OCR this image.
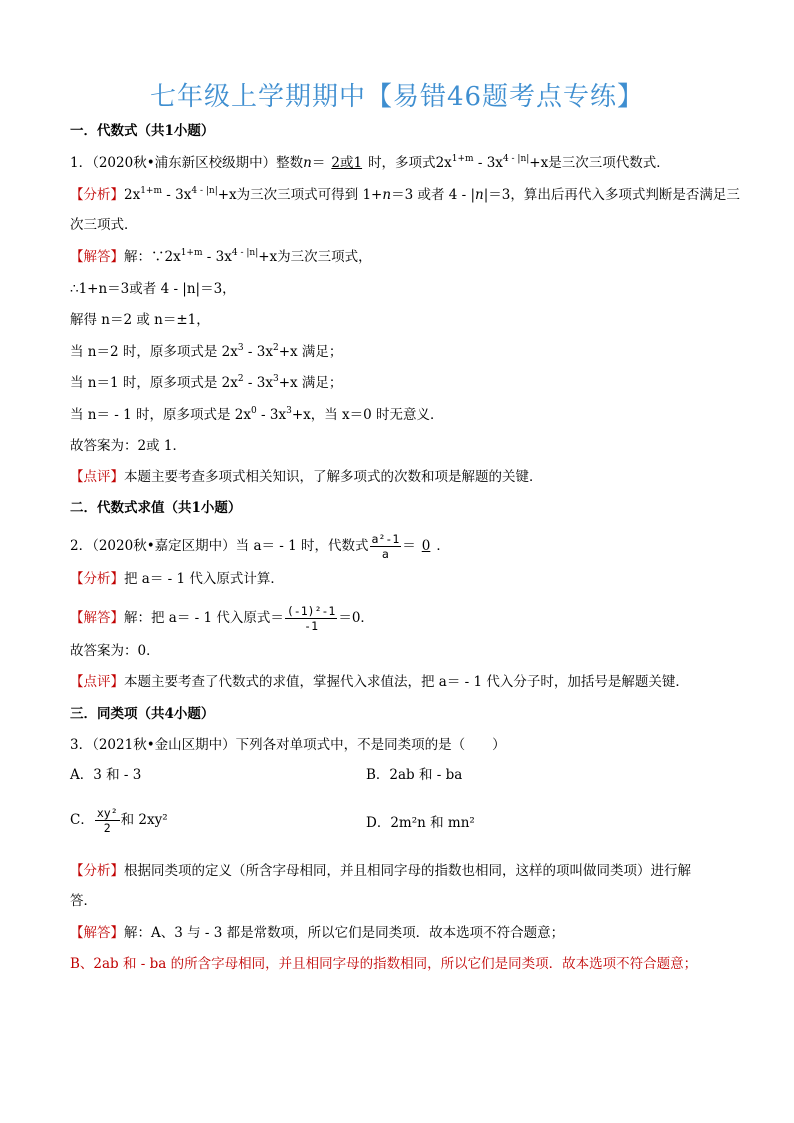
七年级上学期期中【易错46题考点专练】
一．代数式（共1小题）
1．（2020秋•浦东新区校级期中）整数n＝ 2或1 时，多项式$2x^{1+m} - 3x^{4 - |n|}+x$是三次三项代数式．
【分析】$2x^{1+m} - 3x^{4 - |n|}+x$为三次三项式可得到 1+n＝3 或者 4 - |n|＝3，算出后再代入多项式判断是否满足三
次三项式．
【解答】解：$\because 2x^{1+m} - 3x^{4 - |n|}+x$为三次三项式，
∴1+n＝3或者 4 - |n|＝3，
解得 n＝2 或 n＝±1，
当 n＝2 时，原多项式是 $2x^3 - 3x^2+x$ 满足；
当 n＝1 时，原多项式是 $2x^2 - 3x^3+x$ 满足；
当 n＝ - 1 时，原多项式是 $2x^0 - 3x^3+x$，当 x＝0 时无意义．
故答案为：2或 1．
【点评】本题主要考查多项式相关知识，了解多项式的次数和项是解题的关键．
二．代数式求值（共1小题）
2．（2020秋•嘉定区期中）当 a＝ - 1 时，代数式 $\frac{\text{a²-1}}{a} = 0$ ．
【分析】把 a＝ - 1 代入原式计算．
【解答】解：把 a＝ - 1 代入原式＝ $\frac{\text{(-1)²-1}}{-1} =0$．
故答案为：0．
【点评】本题主要考查了代数式的求值，掌握代入求值法，把 a＝ - 1 代入分子时，加括号是解题关键．
三．同类项（共4小题）
3．（2021秋•金山区期中）下列各对单项式中，不是同类项的是（　　）
A．3 和 - 3	B．2ab 和 - ba
C． $\frac{\text{xy²}}{2}$ 和 2xy²	D．2m²n 和 mn²
【分析】根据同类项的定义（所含字母相同，并且相同字母的指数也相同，这样的项叫做同类项）进行解
答．
【解答】解：A、3 与 - 3 都是常数项，所以它们是同类项．故本选项不符合题意；
B、2ab 和 - ba 的所含字母相同，并且相同字母的指数相同，所以它们是同类项．故本选项不符合题意；
